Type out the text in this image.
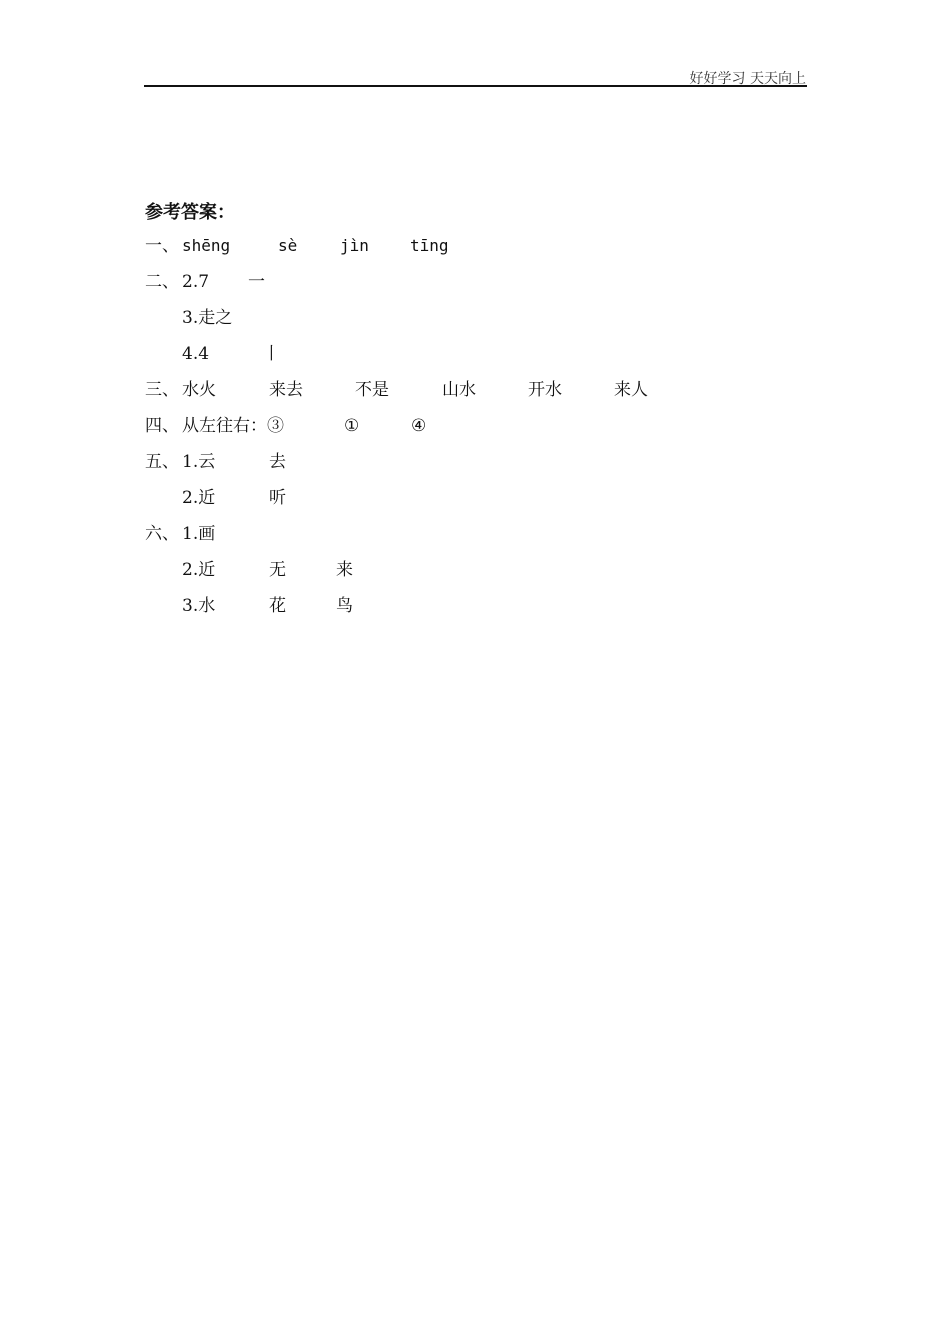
好好学习 天天向上
参考答案：
一、 shēng	sè	jìn	tīng
二、 2.7 一
3.走之
4.4	丨
三、 水火	来去	不是	山水	开水	来人
四、 从左往右：③	①	④
五、 1.云	去
2.近	听
六、 1.画
2.近	无	来
3.水	花	鸟
